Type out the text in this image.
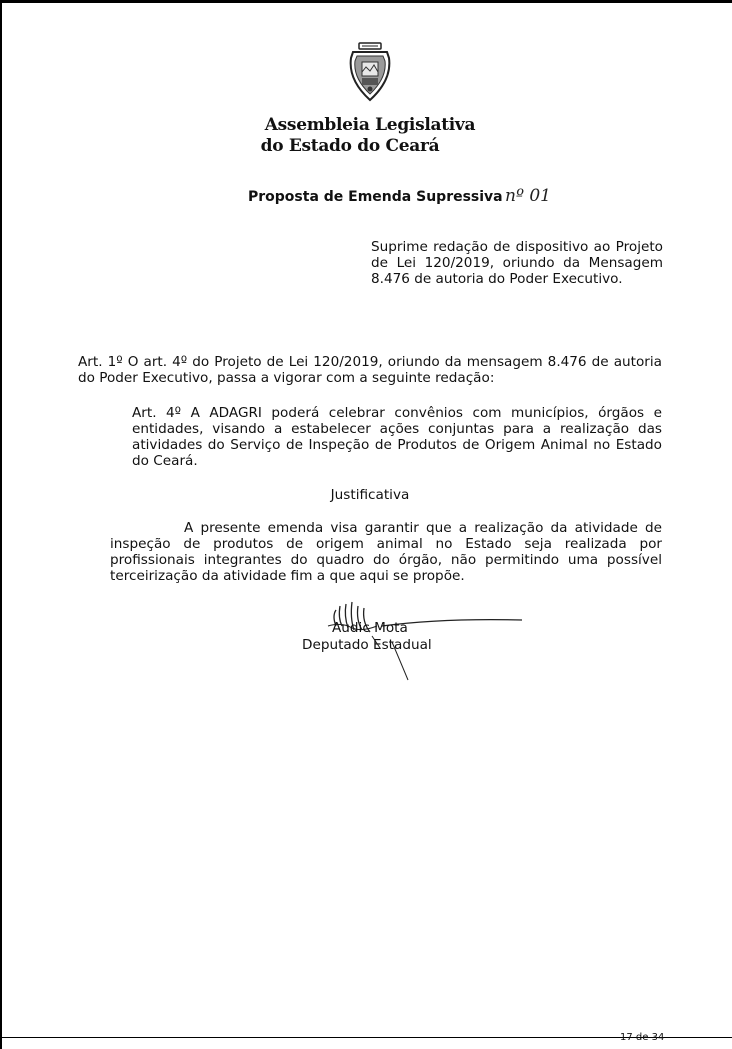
Assembleia Legislativa
do Estado do Ceará
Proposta de Emenda Supressiva nº 01
Suprime redação de dispositivo ao Projeto de Lei 120/2019, oriundo da Mensagem 8.476 de autoria do Poder Executivo.
Art. 1º O art. 4º do Projeto de Lei 120/2019, oriundo da mensagem 8.476 de autoria do Poder Executivo, passa a vigorar com a seguinte redação:
Art. 4º A ADAGRI poderá celebrar convênios com municípios, órgãos e entidades, visando a estabelecer ações conjuntas para a realização das atividades do Serviço de Inspeção de Produtos de Origem Animal no Estado do Ceará.
Justificativa
A presente emenda visa garantir que a realização da atividade de inspeção de produtos de origem animal no Estado seja realizada por profissionais integrantes do quadro do órgão, não permitindo uma possível terceirização da atividade fim a que aqui se propõe.
Audic Mota
Deputado Estadual
17 de 34
